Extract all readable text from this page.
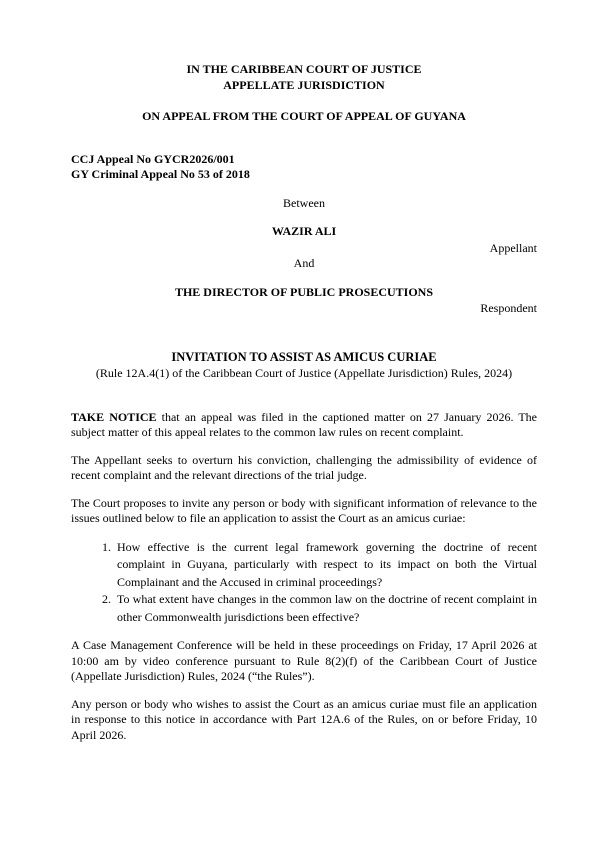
IN THE CARIBBEAN COURT OF JUSTICE
APPELLATE JURISDICTION
ON APPEAL FROM THE COURT OF APPEAL OF GUYANA
CCJ Appeal No GYCR2026/001
GY Criminal Appeal No 53 of 2018
Between
WAZIR ALI
Appellant
And
THE DIRECTOR OF PUBLIC PROSECUTIONS
Respondent
INVITATION TO ASSIST AS AMICUS CURIAE
(Rule 12A.4(1) of the Caribbean Court of Justice (Appellate Jurisdiction) Rules, 2024)

TAKE NOTICE that an appeal was filed in the captioned matter on 27 January 2026. The subject matter of this appeal relates to the common law rules on recent complaint.

The Appellant seeks to overturn his conviction, challenging the admissibility of evidence of recent complaint and the relevant directions of the trial judge.

The Court proposes to invite any person or body with significant information of relevance to the issues outlined below to file an application to assist the Court as an amicus curiae:

1. How effective is the current legal framework governing the doctrine of recent complaint in Guyana, particularly with respect to its impact on both the Virtual Complainant and the Accused in criminal proceedings?
2. To what extent have changes in the common law on the doctrine of recent complaint in other Commonwealth jurisdictions been effective?

A Case Management Conference will be held in these proceedings on Friday, 17 April 2026 at 10:00 am by video conference pursuant to Rule 8(2)(f) of the Caribbean Court of Justice (Appellate Jurisdiction) Rules, 2024 (“the Rules”).

Any person or body who wishes to assist the Court as an amicus curiae must file an application in response to this notice in accordance with Part 12A.6 of the Rules, on or before Friday, 10 April 2026.
